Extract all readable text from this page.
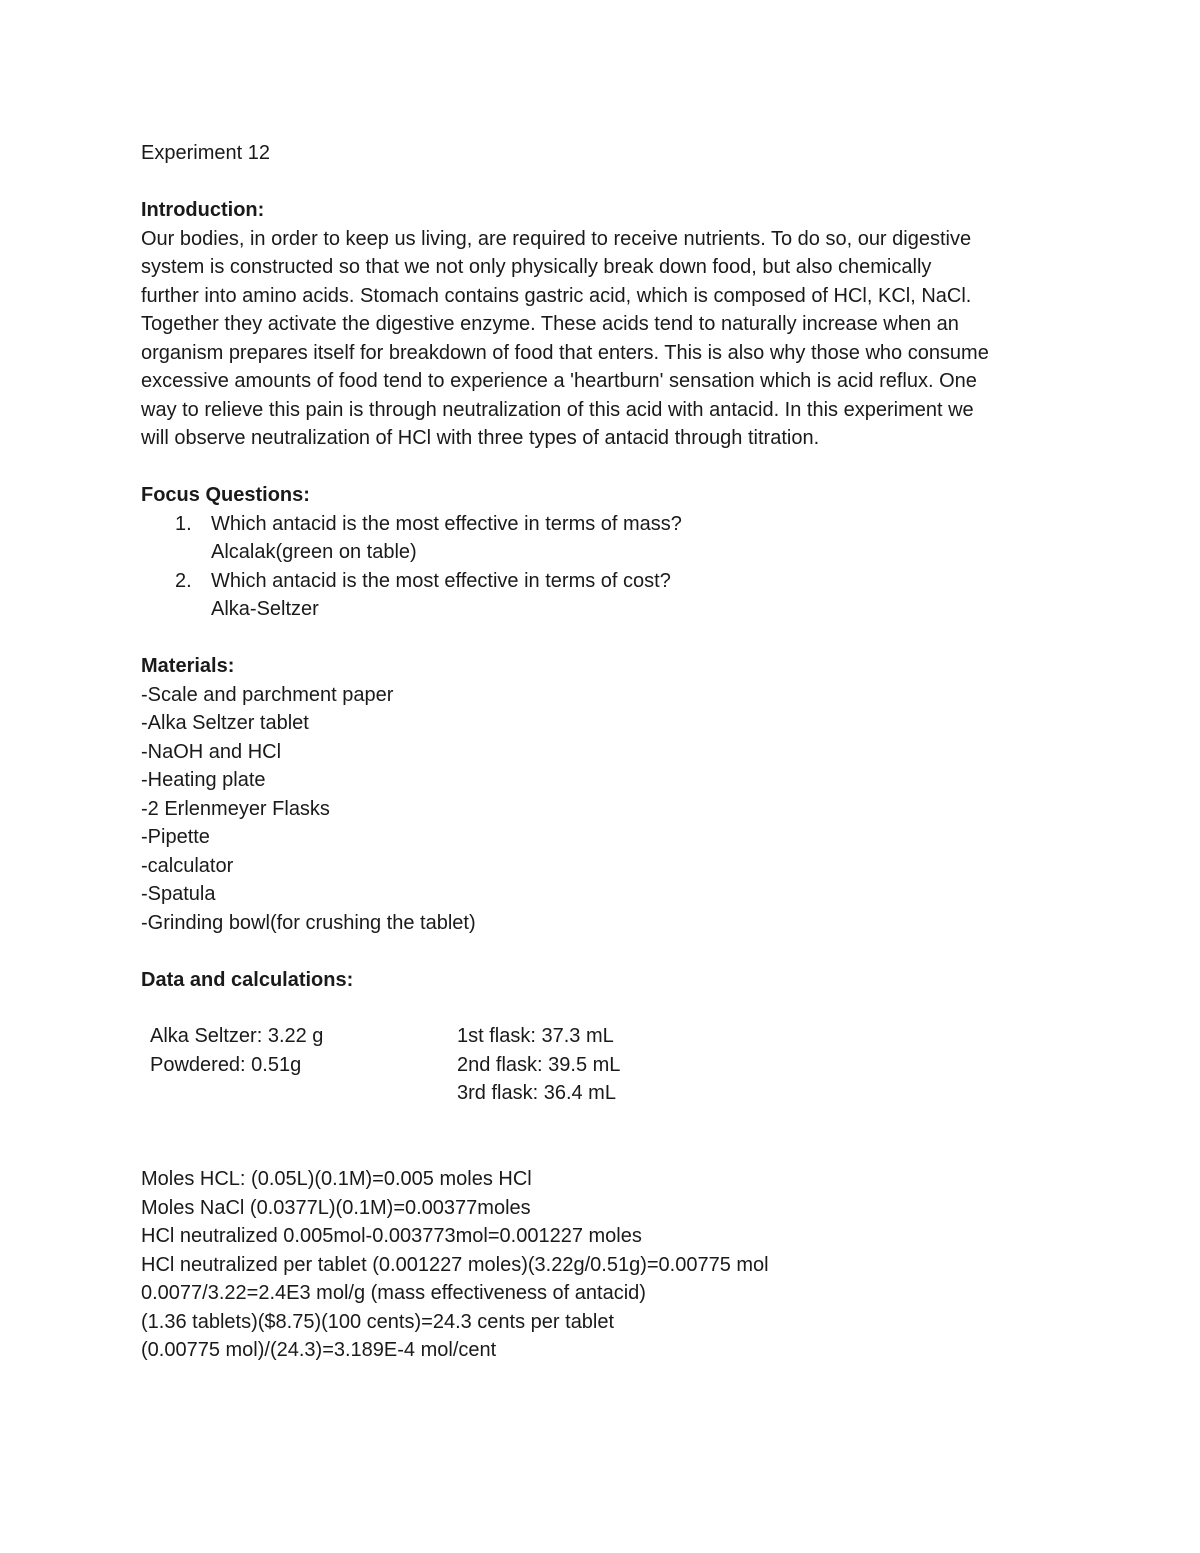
Experiment 12
Introduction:
Our bodies, in order to keep us living, are required to receive nutrients. To do so, our digestive
system is constructed so that we not only physically break down food, but also chemically
further into amino acids. Stomach contains gastric acid, which is composed of HCl, KCl, NaCl.
Together they activate the digestive enzyme. These acids tend to naturally increase when an
organism prepares itself for breakdown of food that enters. This is also why those who consume
excessive amounts of food tend to experience a 'heartburn' sensation which is acid reflux. One
way to relieve this pain is through neutralization of this acid with antacid. In this experiment we
will observe neutralization of HCl with three types of antacid through titration.
Focus Questions:
1. Which antacid is the most effective in terms of mass?
Alcalak(green on table)
2. Which antacid is the most effective in terms of cost?
Alka-Seltzer
Materials:
-Scale and parchment paper
-Alka Seltzer tablet
-NaOH and HCl
-Heating plate
-2 Erlenmeyer Flasks
-Pipette
-calculator
-Spatula
-Grinding bowl(for crushing the tablet)
Data and calculations:
Alka Seltzer: 3.22 g
Powdered: 0.51g
1st flask: 37.3 mL
2nd flask: 39.5 mL
3rd flask: 36.4 mL
Moles HCL: (0.05L)(0.1M)=0.005 moles HCl
Moles NaCl (0.0377L)(0.1M)=0.00377moles
HCl neutralized 0.005mol-0.003773mol=0.001227 moles
HCl neutralized per tablet (0.001227 moles)(3.22g/0.51g)=0.00775 mol
0.0077/3.22=2.4E3 mol/g (mass effectiveness of antacid)
(1.36 tablets)($8.75)(100 cents)=24.3 cents per tablet
(0.00775 mol)/(24.3)=3.189E-4 mol/cent
